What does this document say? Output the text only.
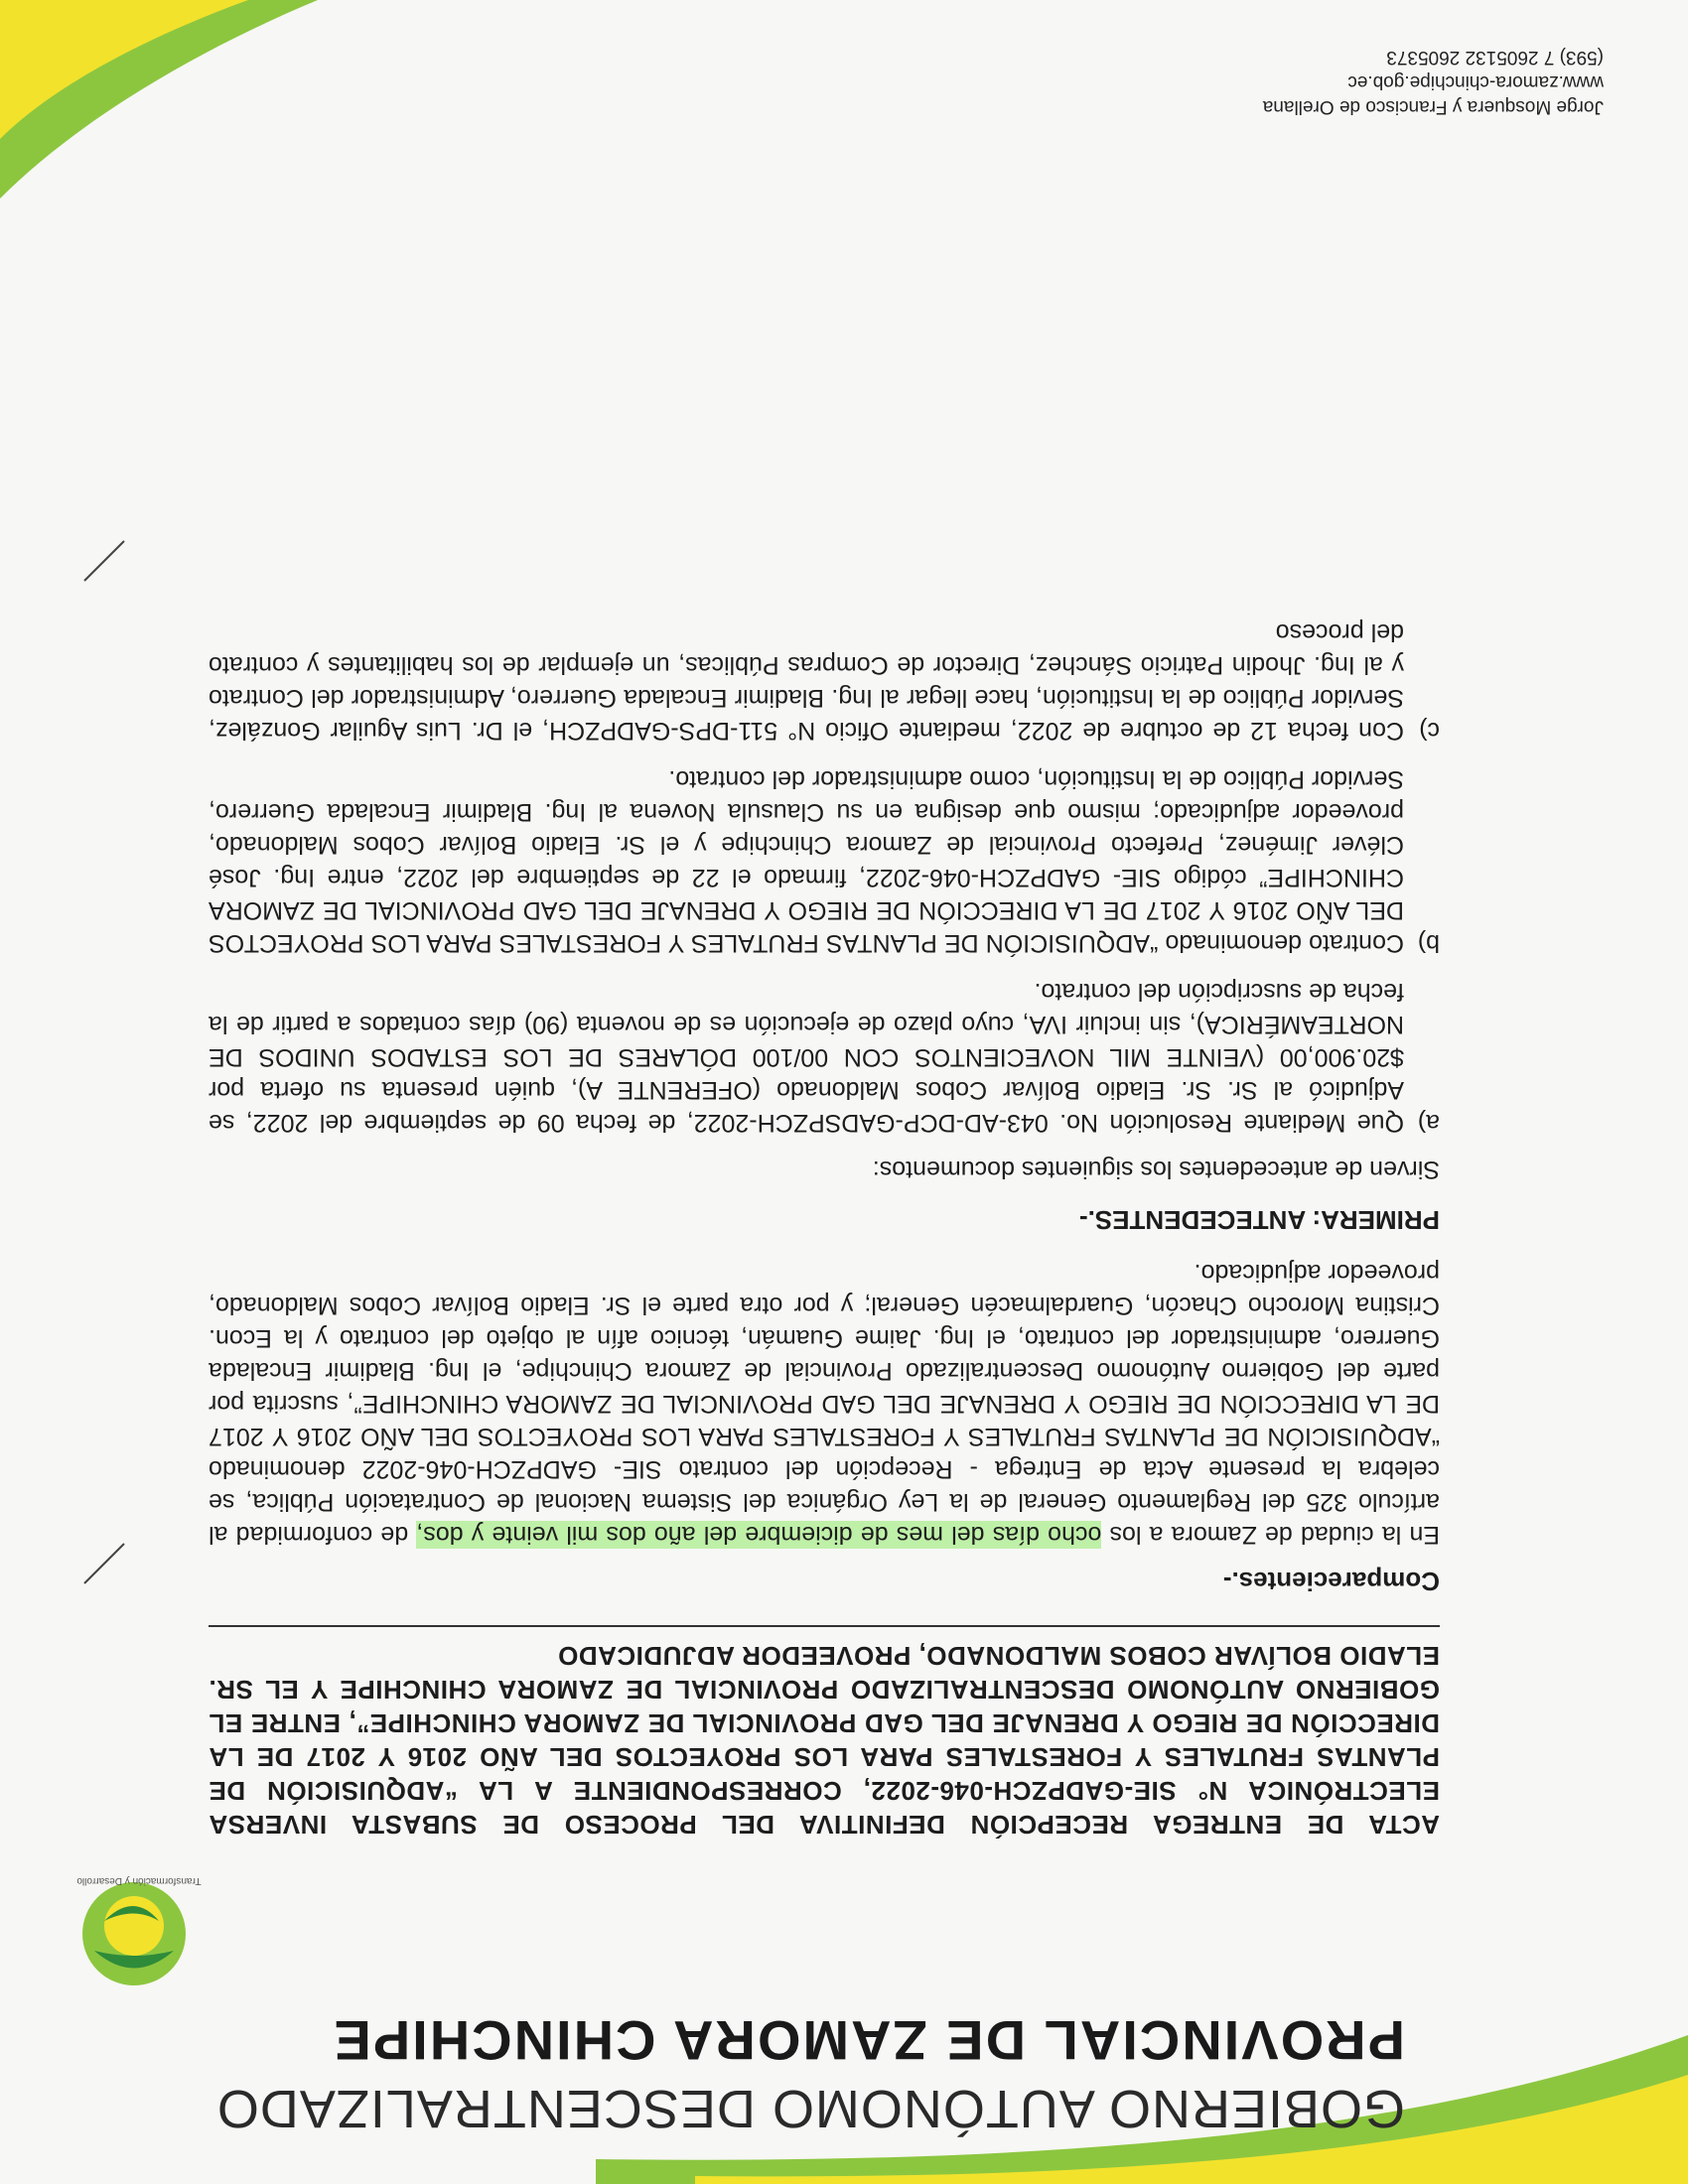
Transformación y Desarrollo
GOBIERNO AUTÓNOMO DESCENTRALIZADO
PROVINCIAL DE ZAMORA CHINCHIPE
ACTA DE ENTREGA RECEPCIÓN DEFINITIVA DEL PROCESO DE SUBASTA INVERSA ELECTRÓNICA N° SIE-GADPZCH-046-2022, CORRESPONDIENTE A LA “ADQUISICIÓN DE PLANTAS FRUTALES Y FORESTALES PARA LOS PROYECTOS DEL AÑO 2016 Y 2017 DE LA DIRECCIÓN DE RIEGO Y DRENAJE DEL GAD PROVINCIAL DE ZAMORA CHINCHIPE”, ENTRE EL GOBIERNO AUTÓNOMO DESCENTRALIZADO PROVINCIAL DE ZAMORA CHINCHIPE Y EL SR. ELADIO BOLÍVAR COBOS MALDONADO, PROVEEDOR ADJUDICADO
Comparecientes.-
En la ciudad de Zamora a los ocho días del mes de diciembre del año dos mil veinte y dos, de conformidad al artículo 325 del Reglamento General de la Ley Orgánica del Sistema Nacional de Contratación Pública, se celebra la presente Acta de Entrega - Recepción del contrato SIE- GADPZCH-046-2022 denominado “ADQUISICIÓN DE PLANTAS FRUTALES Y FORESTALES PARA LOS PROYECTOS DEL AÑO 2016 Y 2017 DE LA DIRECCIÓN DE RIEGO Y DRENAJE DEL GAD PROVINCIAL DE ZAMORA CHINCHIPE”, suscrita por parte del Gobierno Autónomo Descentralizado Provincial de Zamora Chinchipe, el Ing. Bladimir Encalada Guerrero, administrador del contrato, el Ing. Jaime Guamán, técnico afín al objeto del contrato y la Econ. Cristina Morocho Chacón, Guardalmacén General; y por otra parte el Sr. Eladio Bolívar Cobos Maldonado, proveedor adjudicado.
PRIMERA: ANTECEDENTES.-
Sirven de antecedentes los siguientes documentos:
a)
Que Mediante Resolución No. 043-AD-DCP-GADSPZCH-2022, de fecha 09 de septiembre del 2022, se Adjudicó al Sr. Sr. Eladio Bolívar Cobos Maldonado (OFERENTE A), quién presenta su oferta por $20.900,00 (VEINTE MIL NOVECIENTOS CON 00/100 DÓLARES DE LOS ESTADOS UNIDOS DE NORTEAMÉRICA), sin incluir IVA, cuyo plazo de ejecución es de noventa (90) días contados a partir de la fecha de suscripción del contrato.
b)
Contrato denominado “ADQUISICIÓN DE PLANTAS FRUTALES Y FORESTALES PARA LOS PROYECTOS DEL AÑO 2016 Y 2017 DE LA DIRECCIÓN DE RIEGO Y DRENAJE DEL GAD PROVINCIAL DE ZAMORA CHINCHIPE” código SIE- GADPZCH-046-2022, firmado el 22 de septiembre del 2022, entre Ing. José Cléver Jiménez, Prefecto Provincial de Zamora Chinchipe y el Sr. Eladio Bolívar Cobos Maldonado, proveedor adjudicado; mismo que designa en su Clausula Novena al Ing. Bladimir Encalada Guerrero, Servidor Público de la Institución, como administrador del contrato.
c)
Con fecha 12 de octubre de 2022, mediante Oficio N° 511-DPS-GADPZCH, el Dr. Luis Aguilar González, Servidor Público de la Institución, hace llegar al Ing. Bladimir Encalada Guerrero, Administrador del Contrato y al Ing. Jhodin Patricio Sánchez, Director de Compras Públicas, un ejemplar de los habilitantes y contrato del proceso
Jorge Mosquera y Francisco de Orellana
www.zamora-chinchipe.gob.ec
(593) 7 2605132 2605373
